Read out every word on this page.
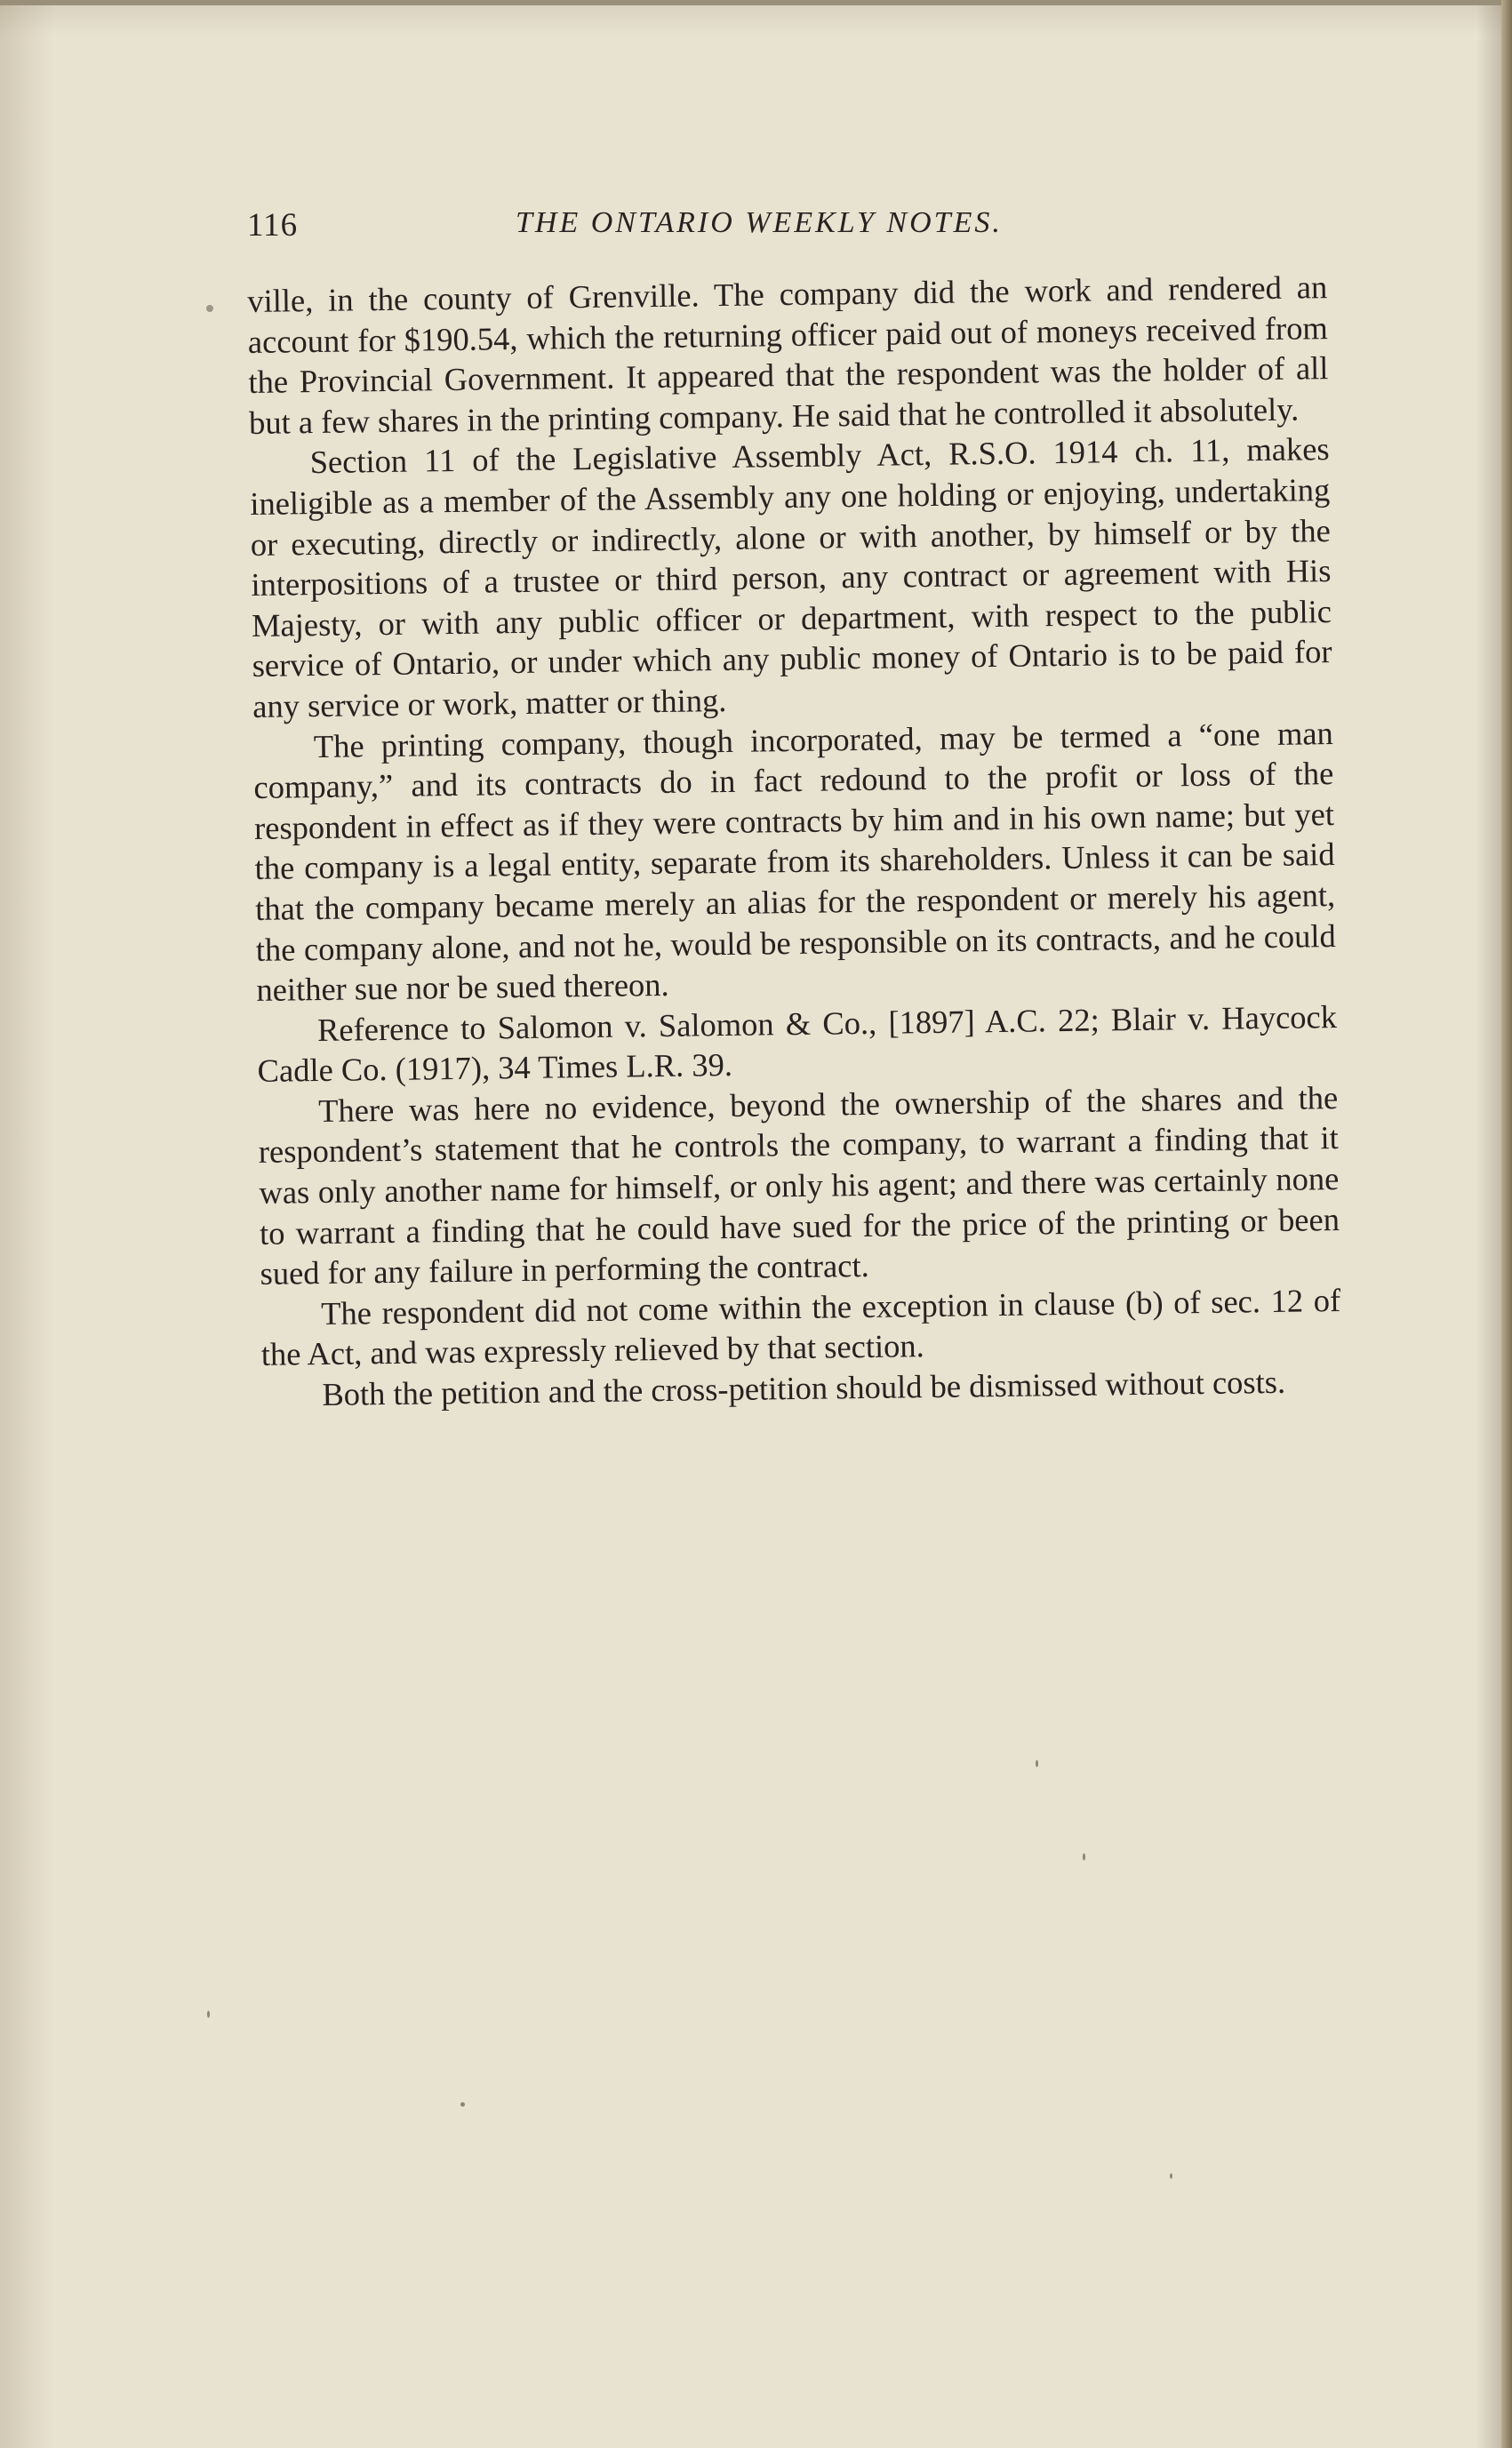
116	THE ONTARIO WEEKLY NOTES.

ville, in the county of Grenville. The company did the work and rendered an account for $190.54, which the returning officer paid out of moneys received from the Provincial Government. It appeared that the respondent was the holder of all but a few shares in the printing company. He said that he controlled it absolutely.

Section 11 of the Legislative Assembly Act, R.S.O. 1914 ch. 11, makes ineligible as a member of the Assembly any one holding or enjoying, undertaking or executing, directly or indirectly, alone or with another, by himself or by the interpositions of a trustee or third person, any contract or agreement with His Majesty, or with any public officer or department, with respect to the public service of Ontario, or under which any public money of Ontario is to be paid for any service or work, matter or thing.

The printing company, though incorporated, may be termed a “one man company,” and its contracts do in fact redound to the profit or loss of the respondent in effect as if they were contracts by him and in his own name; but yet the company is a legal entity, separate from its shareholders. Unless it can be said that the company became merely an alias for the respondent or merely his agent, the company alone, and not he, would be responsible on its contracts, and he could neither sue nor be sued thereon.

Reference to Salomon v. Salomon & Co., [1897] A.C. 22; Blair v. Haycock Cadle Co. (1917), 34 Times L.R. 39.

There was here no evidence, beyond the ownership of the shares and the respondent’s statement that he controls the company, to warrant a finding that it was only another name for himself, or only his agent; and there was certainly none to warrant a finding that he could have sued for the price of the printing or been sued for any failure in performing the contract.

The respondent did not come within the exception in clause (b) of sec. 12 of the Act, and was expressly relieved by that section.

Both the petition and the cross-petition should be dismissed without costs.
